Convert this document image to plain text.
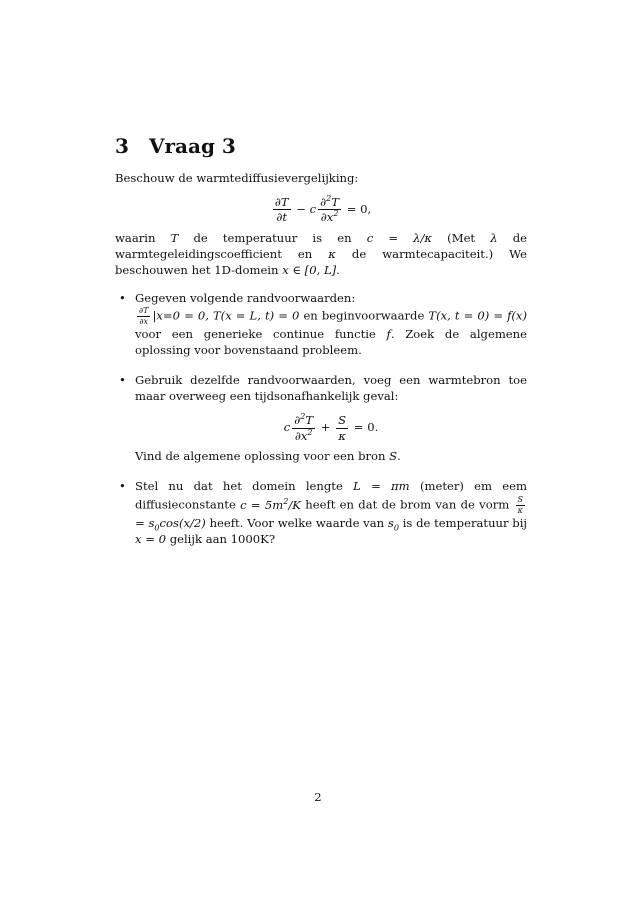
3 Vraag 3

Beschouw de warmtediffusievergelijking:

$\frac{\partial T}{\partial t} - c \frac{\partial^2T}{\partial x^2} = 0$,

waarin T de temperatuur is en c = λ/κ (Met λ de warmtegeleidingscoefficient en κ de warmtecapaciteit.) We beschouwen het 1D-domein x ∈ [0, L].

• Gegeven volgende randvoorwaarden:

$\frac{\partial T}{\partial x} |x=0 = 0$, T(x = L, t) = 0 en beginvoorwaarde T(x, t = 0) = f(x) voor een generieke continue functie f. Zoek de algemene oplossing voor bovenstaand probleem.

• Gebruik dezelfde randvoorwaarden, voeg een warmtebron toe maar overweeg een tijdsonafhankelijk geval:

c $\frac{\partial^2T}{\partial x^2} + \frac{S}{\kappa} = 0$.

Vind de algemene oplossing voor een bron S.

• Stel nu dat het domein lengte L = πm (meter) em eem diffusieconstante $c = 5m^2/K$ heeft en dat de brom van de vorm $\frac{S}{\kappa}$
= $s_0\cos(x/2)$ heeft. Voor welke waarde van $s_0$ is de temperatuur bij x = 0 gelijk aan 1000K?

2
